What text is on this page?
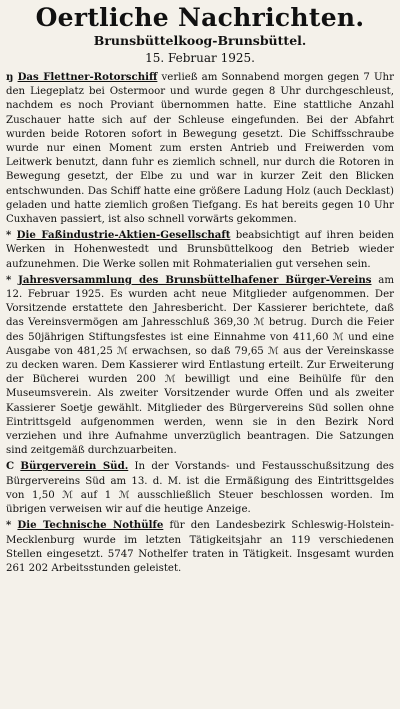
Oertliche Nachrichten.
Brunsbüttelkoog-Brunsbüttel.
15. Februar 1925.

ŋ Das Flettner-Rotorschiff verließ am Sonnabend morgen gegen 7 Uhr den Liegeplatz bei Ostermoor und wurde gegen 8 Uhr durchgeschleust, nachdem es noch Proviant übernommen hatte. Eine stattliche Anzahl Zuschauer hatte sich auf der Schleuse eingefunden. Bei der Abfahrt wurden beide Rotoren sofort in Bewegung gesetzt. Die Schiffsschraube wurde nur einen Moment zum ersten Antrieb und Freiwerden vom Leitwerk benutzt, dann fuhr es ziemlich schnell, nur durch die Rotoren in Bewegung gesetzt, der Elbe zu und war in kurzer Zeit den Blicken entschwunden. Das Schiff hatte eine größere Ladung Holz (auch Decklast) geladen und hatte ziemlich großen Tiefgang. Es hat bereits gegen 10 Uhr Cuxhaven passiert, ist also schnell vorwärts gekommen.

* Die Faßindustrie-Aktien-Gesellschaft beabsichtigt auf ihren beiden Werken in Hohenwestedt und Brunsbüttelkoog den Betrieb wieder aufzunehmen. Die Werke sollen mit Rohmaterialien gut versehen sein.

* Jahresversammlung des Brunsbüttelhafener Bürger-Vereins am 12. Februar 1925. Es wurden acht neue Mitglieder aufgenommen. Der Vorsitzende erstattete den Jahresbericht. Der Kassierer berichtete, daß das Vereinsvermögen am Jahresschluß 369,30 ℳ betrug. Durch die Feier des 50jährigen Stiftungsfestes ist eine Einnahme von 411,60 ℳ und eine Ausgabe von 481,25 ℳ erwachsen, so daß 79,65 ℳ aus der Vereinskasse zu decken waren. Dem Kassierer wird Entlastung erteilt. Zur Erweiterung der Bücherei wurden 200 ℳ bewilligt und eine Beihülfe für den Museumsverein. Als zweiter Vorsitzender wurde Offen und als zweiter Kassierer Soetje gewählt. Mitglieder des Bürgervereins Süd sollen ohne Eintrittsgeld aufgenommen werden, wenn sie in den Bezirk Nord verziehen und ihre Aufnahme unverzüglich beantragen. Die Satzungen sind zeitgemäß durchzuarbeiten.

C Bürgerverein Süd. In der Vorstands- und Festausschußsitzung des Bürgervereins Süd am 13. d. M. ist die Ermäßigung des Eintrittsgeldes von 1,50 ℳ auf 1 ℳ ausschließlich Steuer beschlossen worden. Im übrigen verweisen wir auf die heutige Anzeige.

* Die Technische Nothülfe für den Landesbezirk Schleswig-Holstein-Mecklenburg wurde im letzten Tätigkeitsjahr an 119 verschiedenen Stellen eingesetzt. 5747 Nothelfer traten in Tätigkeit. Insgesamt wurden 261 202 Arbeitsstunden geleistet.
